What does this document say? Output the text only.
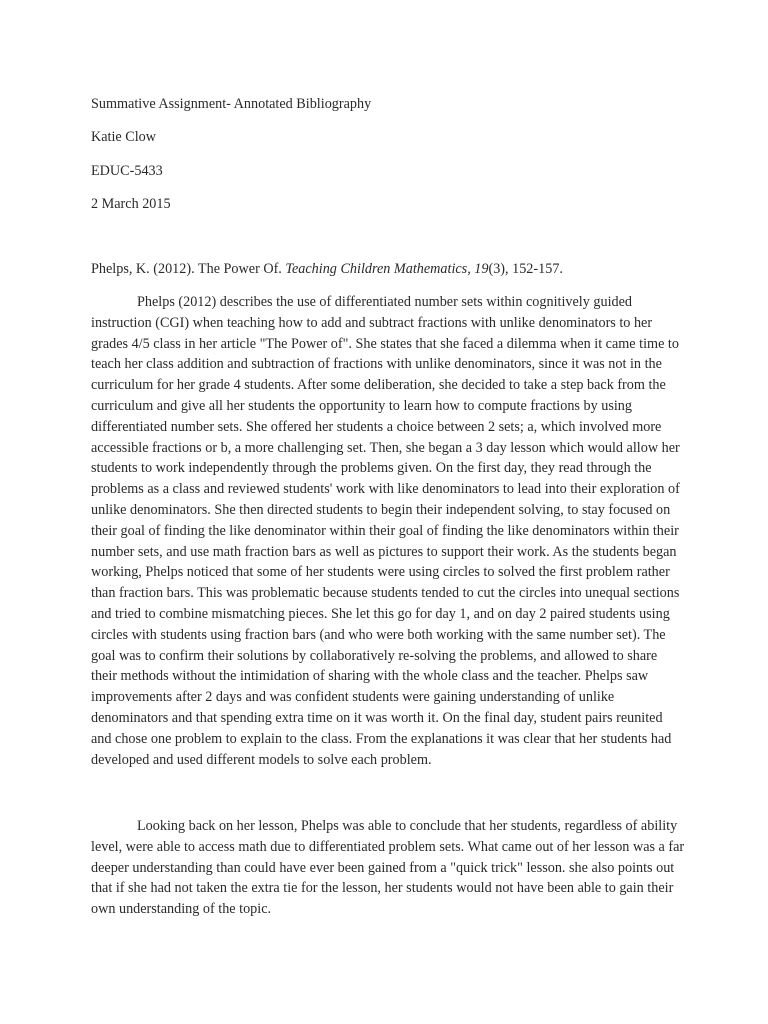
Summative Assignment- Annotated Bibliography
Katie Clow
EDUC-5433
2 March 2015
Phelps, K. (2012). The Power Of. Teaching Children Mathematics, 19(3), 152-157.

Phelps (2012) describes the use of differentiated number sets within cognitively guided instruction (CGI) when teaching how to add and subtract fractions with unlike denominators to her grades 4/5 class in her article "The Power of". She states that she faced a dilemma when it came time to teach her class addition and subtraction of fractions with unlike denominators, since it was not in the curriculum for her grade 4 students. After some deliberation, she decided to take a step back from the curriculum and give all her students the opportunity to learn how to compute fractions by using differentiated number sets. She offered her students a choice between 2 sets; a, which involved more accessible fractions or b, a more challenging set. Then, she began a 3 day lesson which would allow her students to work independently through the problems given. On the first day, they read through the problems as a class and reviewed students' work with like denominators to lead into their exploration of unlike denominators. She then directed students to begin their independent solving, to stay focused on their goal of finding the like denominator within their goal of finding the like denominators within their number sets, and use math fraction bars as well as pictures to support their work. As the students began working, Phelps noticed that some of her students were using circles to solved the first problem rather than fraction bars. This was problematic because students tended to cut the circles into unequal sections and tried to combine mismatching pieces. She let this go for day 1, and on day 2 paired students using circles with students using fraction bars (and who were both working with the same number set). The goal was to confirm their solutions by collaboratively re-solving the problems, and allowed to share their methods without the intimidation of sharing with the whole class and the teacher. Phelps saw improvements after 2 days and was confident students were gaining understanding of unlike denominators and that spending extra time on it was worth it. On the final day, student pairs reunited and chose one problem to explain to the class. From the explanations it was clear that her students had developed and used different models to solve each problem.

Looking back on her lesson, Phelps was able to conclude that her students, regardless of ability level, were able to access math due to differentiated problem sets. What came out of her lesson was a far deeper understanding than could have ever been gained from a "quick trick" lesson. she also points out that if she had not taken the extra tie for the lesson, her students would not have been able to gain their own understanding of the topic.
